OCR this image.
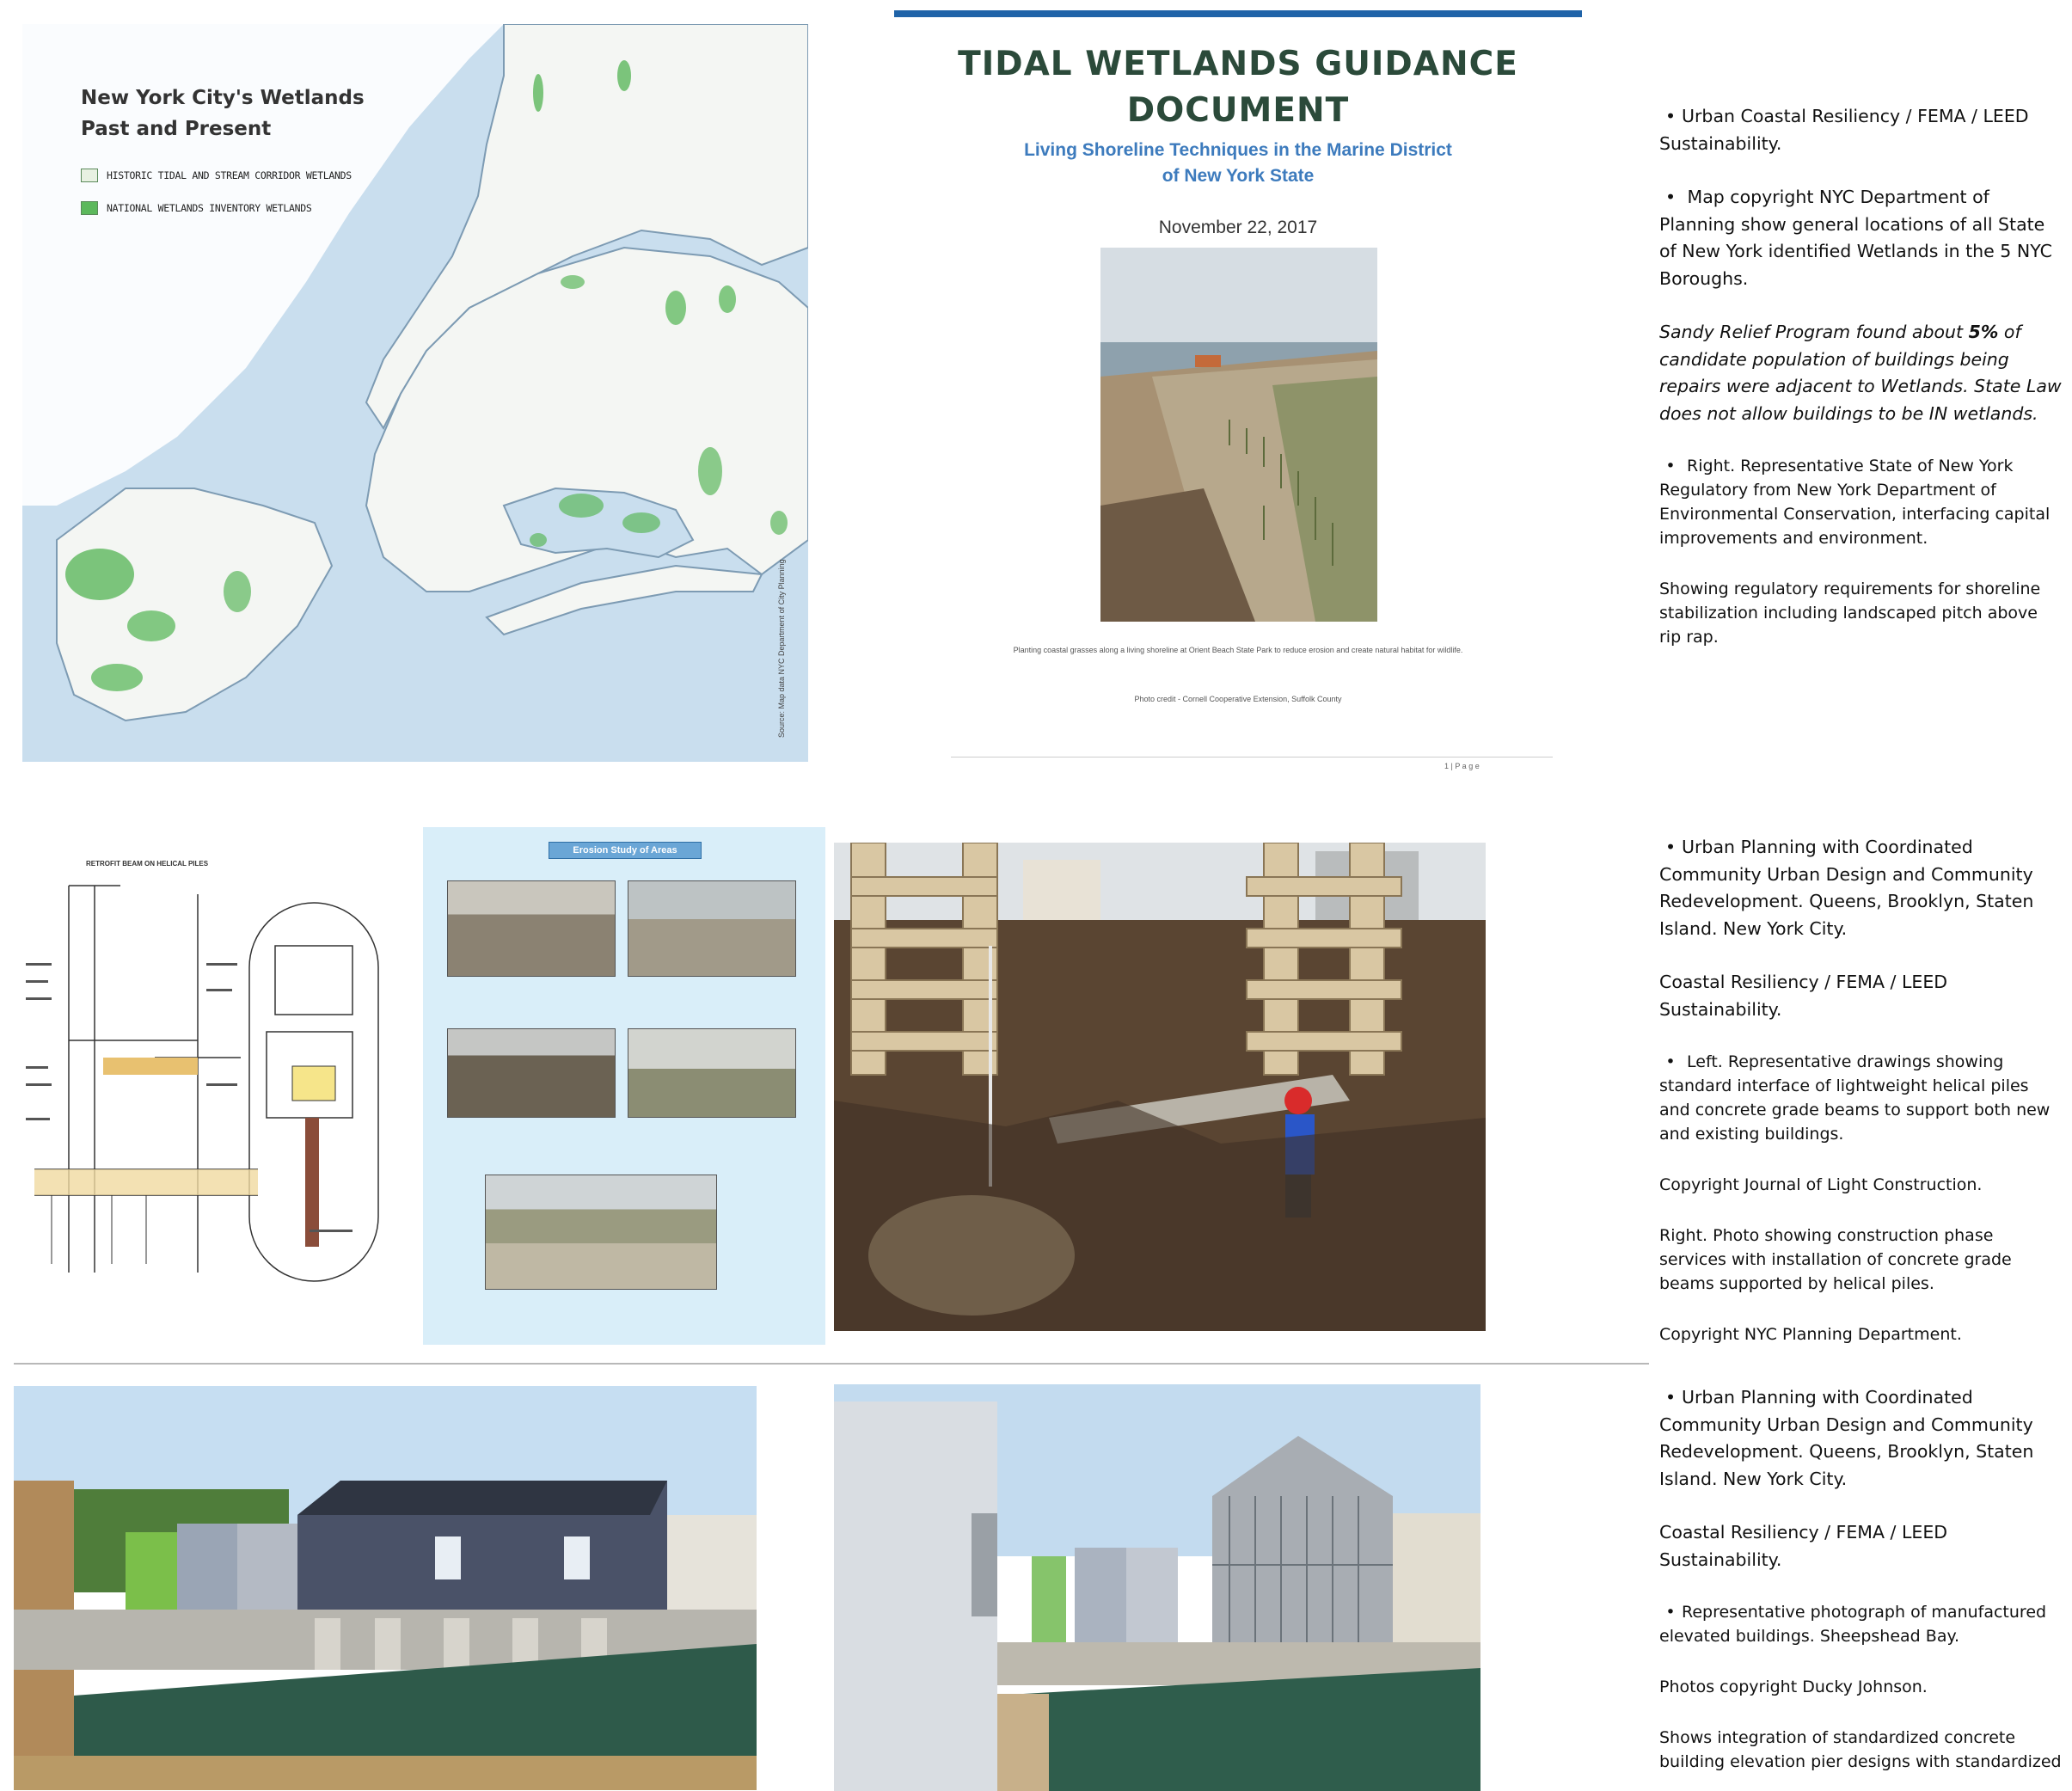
New York City's Wetlands
Past and Present
HISTORIC TIDAL AND STREAM CORRIDOR WETLANDS
NATIONAL WETLANDS INVENTORY WETLANDS
Source: Map data NYC Department of City Planning
TIDAL WETLANDS GUIDANCE
DOCUMENT
Living Shoreline Techniques in the Marine District
of New York State
November 22, 2017
Planting coastal grasses along a living shoreline at Orient Beach State Park to reduce erosion and create natural habitat for wildlife.
Photo credit - Cornell Cooperative Extension, Suffolk County
1 | P a g e

• Urban Coastal Resiliency / FEMA / LEED Sustainability.

• Map copyright NYC Department of Planning show general locations of all State of New York identified Wetlands in the 5 NYC Boroughs.

Sandy Relief Program found about 5% of candidate population of buildings being repairs were adjacent to Wetlands. State Law does not allow buildings to be IN wetlands.

• Right. Representative State of New York Regulatory from New York Department of Environmental Conservation, interfacing capital improvements and environment.

Showing regulatory requirements for shoreline stabilization including landscaped pitch above rip rap.

RETROFIT BEAM ON HELICAL PILES
Erosion Study of Areas

•	Urban Planning with Coordinated Community Urban Design and Community Redevelopment. Queens, Brooklyn, Staten Island. New York City.

Coastal Resiliency / FEMA / LEED Sustainability.

• Left. Representative drawings showing standard interface of lightweight helical piles and concrete grade beams to support both new and existing buildings.

Copyright Journal of Light Construction.

Right. Photo showing construction phase services with installation of concrete grade beams supported by helical piles.

Copyright NYC Planning Department.

• Urban Planning with Coordinated Community Urban Design and Community Redevelopment. Queens, Brooklyn, Staten Island. New York City.

Coastal Resiliency / FEMA / LEED Sustainability.

• Representative photograph of manufactured elevated buildings. Sheepshead Bay.

Photos copyright Ducky Johnson.

Shows integration of standardized concrete building elevation pier designs with standardized
